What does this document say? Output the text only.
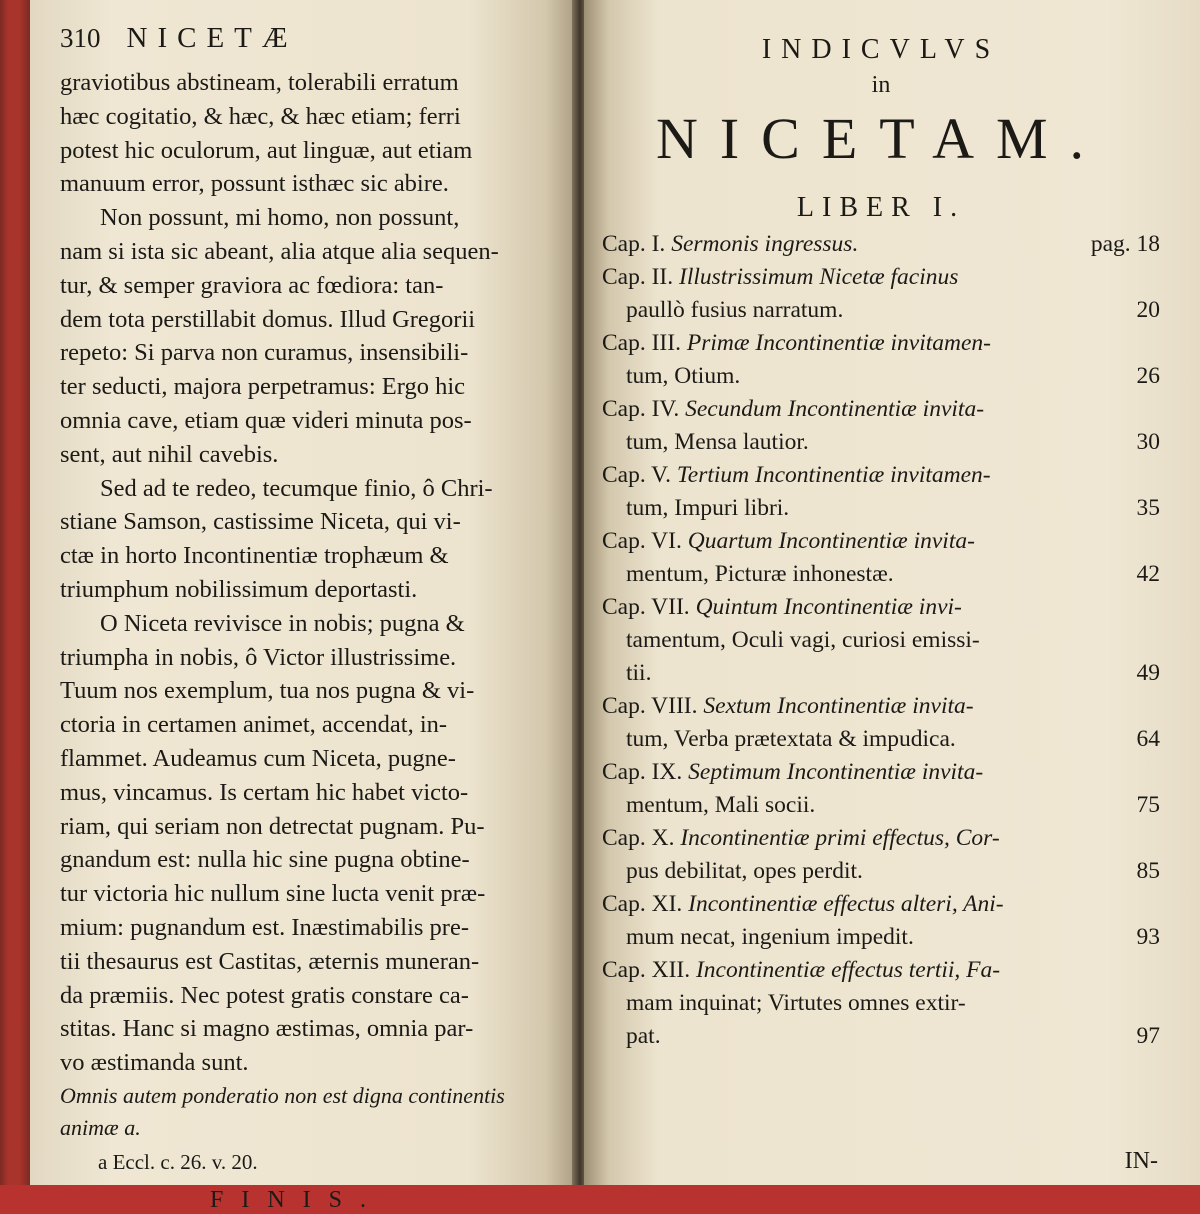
310 NICETÆ

graviotibus abstineam, tolerabili erratum

hæc cogitatio, & hæc, & hæc etiam; ferri

potest hic oculorum, aut linguæ, aut etiam

manuum error, possunt isthæc sic abire.

Non possunt, mi homo, non possunt,

nam si ista sic abeant, alia atque alia sequen-

tur, & semper graviora ac fœdiora: tan-

dem tota perstillabit domus. Illud Gregorii

repeto: Si parva non curamus, insensibili-

ter seducti, majora perpetramus: Ergo hic

omnia cave, etiam quæ videri minuta pos-

sent, aut nihil cavebis.

Sed ad te redeo, tecumque finio, ô Chri-

stiane Samson, castissime Niceta, qui vi-

ctæ in horto Incontinentiæ trophæum &

triumphum nobilissimum deportasti.

O Niceta revivisce in nobis; pugna &

triumpha in nobis, ô Victor illustrissime.

Tuum nos exemplum, tua nos pugna & vi-

ctoria in certamen animet, accendat, in-

flammet. Audeamus cum Niceta, pugne-

mus, vincamus. Is certam hic habet victo-

riam, qui seriam non detrectat pugnam. Pu-

gnandum est: nulla hic sine pugna obtine-

tur victoria hic nullum sine lucta venit præ-

mium: pugnandum est. Inæstimabilis pre-

tii thesaurus est Castitas, æternis muneran-

da præmiis. Nec potest gratis constare ca-

stitas. Hanc si magno æstimas, omnia par-

vo æstimanda sunt.

Omnis autem ponderatio non est digna continentis animæ a.
a Eccl. c. 26. v. 20.
FINIS.
INDICVLVS
in
NICETAM.
LIBER I.
Cap. I. Sermonis ingressus.	pag. 18
Cap. II. Illustrissimum Nicetæ facinus
paullò fusius narratum.	20
Cap. III. Primæ Incontinentiæ invitamen-
tum, Otium.	26
Cap. IV. Secundum Incontinentiæ invita-
tum, Mensa lautior.	30
Cap. V. Tertium Incontinentiæ invitamen-
tum, Impuri libri.	35
Cap. VI. Quartum Incontinentiæ invita-
mentum, Picturæ inhonestæ.	42
Cap. VII. Quintum Incontinentiæ invi-
tamentum, Oculi vagi, curiosi emissi-
tii.	49
Cap. VIII. Sextum Incontinentiæ invita-
tum, Verba prætextata & impudica.	64
Cap. IX. Septimum Incontinentiæ invita-
mentum, Mali socii.	75
Cap. X. Incontinentiæ primi effectus, Cor-
pus debilitat, opes perdit.	85
Cap. XI. Incontinentiæ effectus alteri, Ani-
mum necat, ingenium impedit.	93
Cap. XII. Incontinentiæ effectus tertii, Fa-
mam inquinat; Virtutes omnes extir-
pat.	97
IN-
